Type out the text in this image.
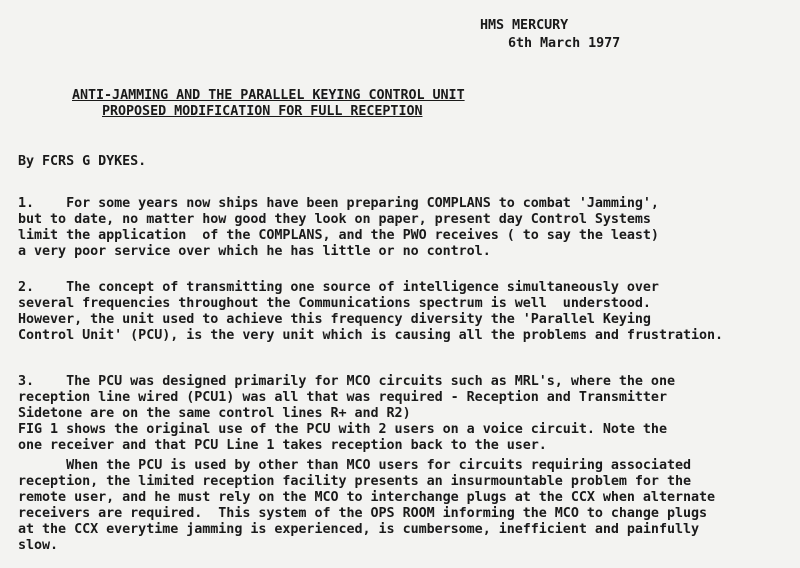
HMS MERCURY
6th March 1977
ANTI-JAMMING AND THE PARALLEL KEYING CONTROL UNIT
PROPOSED MODIFICATION FOR FULL RECEPTION
By FCRS G DYKES.
1.    For some years now ships have been preparing COMPLANS to combat 'Jamming',
but to date, no matter how good they look on paper, present day Control Systems
limit the application  of the COMPLANS, and the PWO receives ( to say the least)
a very poor service over which he has little or no control.
2.    The concept of transmitting one source of intelligence simultaneously over
several frequencies throughout the Communications spectrum is well  understood.
However, the unit used to achieve this frequency diversity the 'Parallel Keying
Control Unit' (PCU), is the very unit which is causing all the problems and frustration.
3.    The PCU was designed primarily for MCO circuits such as MRL's, where the one
reception line wired (PCU1) was all that was required - Reception and Transmitter
Sidetone are on the same control lines R+ and R2)
FIG 1 shows the original use of the PCU with 2 users on a voice circuit. Note the
one receiver and that PCU Line 1 takes reception back to the user.
When the PCU is used by other than MCO users for circuits requiring associated
reception, the limited reception facility presents an insurmountable problem for the
remote user, and he must rely on the MCO to interchange plugs at the CCX when alternate
receivers are required.  This system of the OPS ROOM informing the MCO to change plugs
at the CCX everytime jamming is experienced, is cumbersome, inefficient and painfully
slow.
